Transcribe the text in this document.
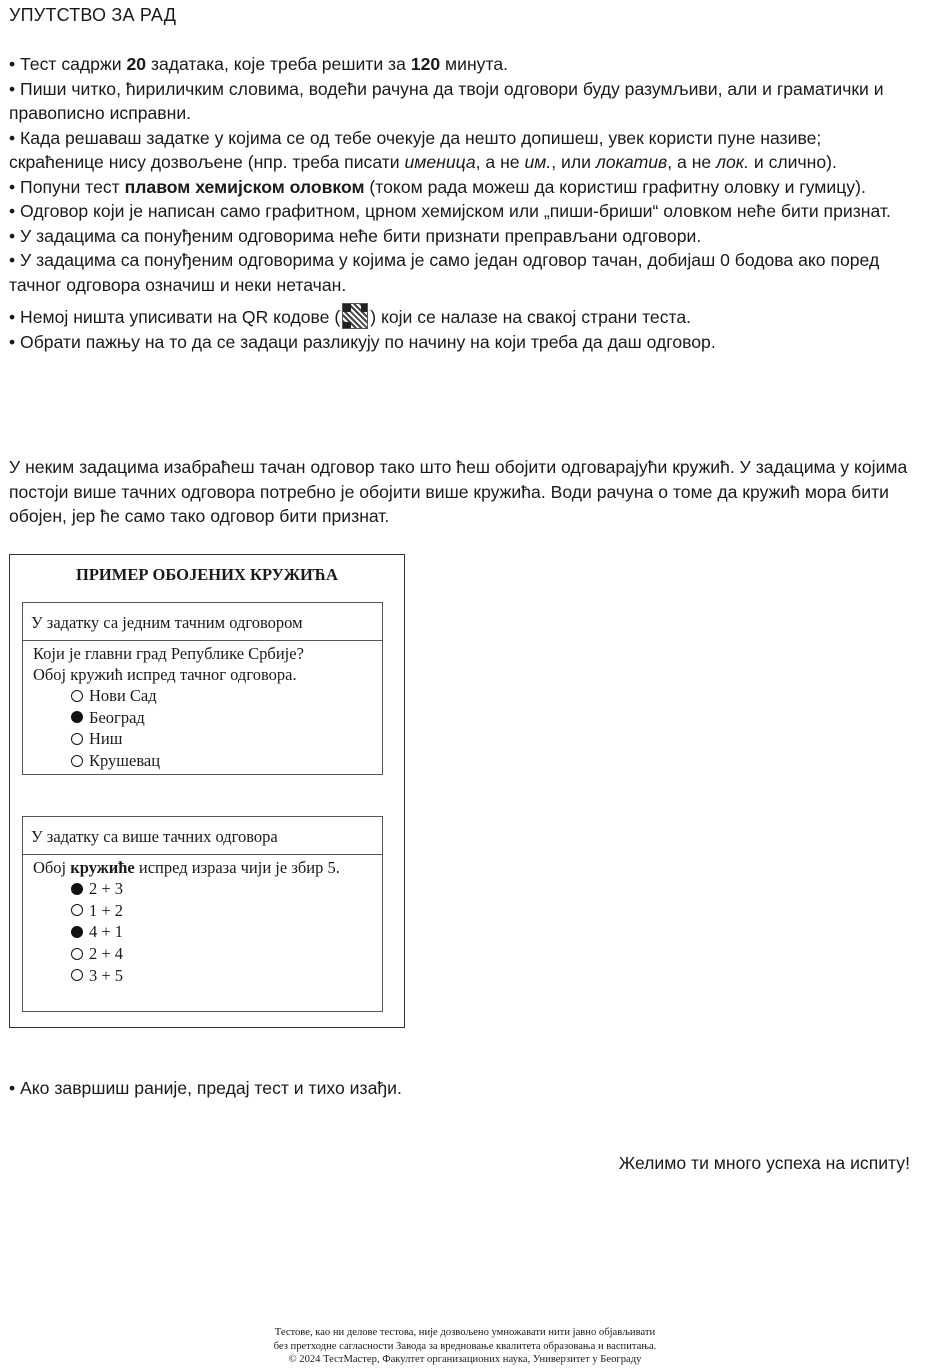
УПУТСТВО ЗА РАД

• Тест садржи 20 задатака, које треба решити за 120 минута.

• Пиши читко, ћириличким словима, водећи рачуна да твоји одговори буду разумљиви, али и граматички и правописно исправни.

• Када решаваш задатке у којима се од тебе очекује да нешто допишеш, увек користи пуне називе; скраћенице нису дозвољене (нпр. треба писати именица, а не им., или локатив, а не лок. и слично).

• Попуни тест плавом хемијском оловком (током рада можеш да користиш графитну оловку и гумицу).

• Одговор који је написан само графитном, црном хемијском или „пиши-бриши“ оловком неће бити признат.

• У задацима са понуђеним одговорима неће бити признати преправљани одговори.

• У задацима са понуђеним одговорима у којима је само један одговор тачан, добијаш 0 бодова ако поред тачног одговора означиш и неки нетачан.

• Немој ништа уписивати на QR кодове ( ) који се налазе на свакој страни теста.

• Обрати пажњу на то да се задаци разликују по начину на који треба да даш одговор.

У неким задацима изабраћеш тачан одговор тако што ћеш обојити одговарајући кружић. У задацима у којима постоји више тачних одговора потребно је обојити више кружића. Води рачуна о томе да кружић мора бити обојен, јер ће само тако одговор бити признат.

ПРИМЕР ОБОЈЕНИХ КРУЖИЋА
У задатку са једним тачним одговором
Који је главни град Републике Србије?
Обој кружић испред тачног одговора.
Нови Сад
Београд
Ниш
Крушевац
У задатку са више тачних одговора
Обој кружиће испред израза чији је збир 5.
2 + 3
1 + 2
4 + 1
2 + 4
3 + 5

• Ако завршиш раније, предај тест и тихо изађи.

Желимо ти много успеха на испиту!

Тестове, као ни делове тестова, није дозвољено умножавати нити јавно објављивати
без претходне сагласности Завода за вредновање квалитета образовања и васпитања.
© 2024 ТестМастер, Факултет организационих наука, Универзитет у Београду
